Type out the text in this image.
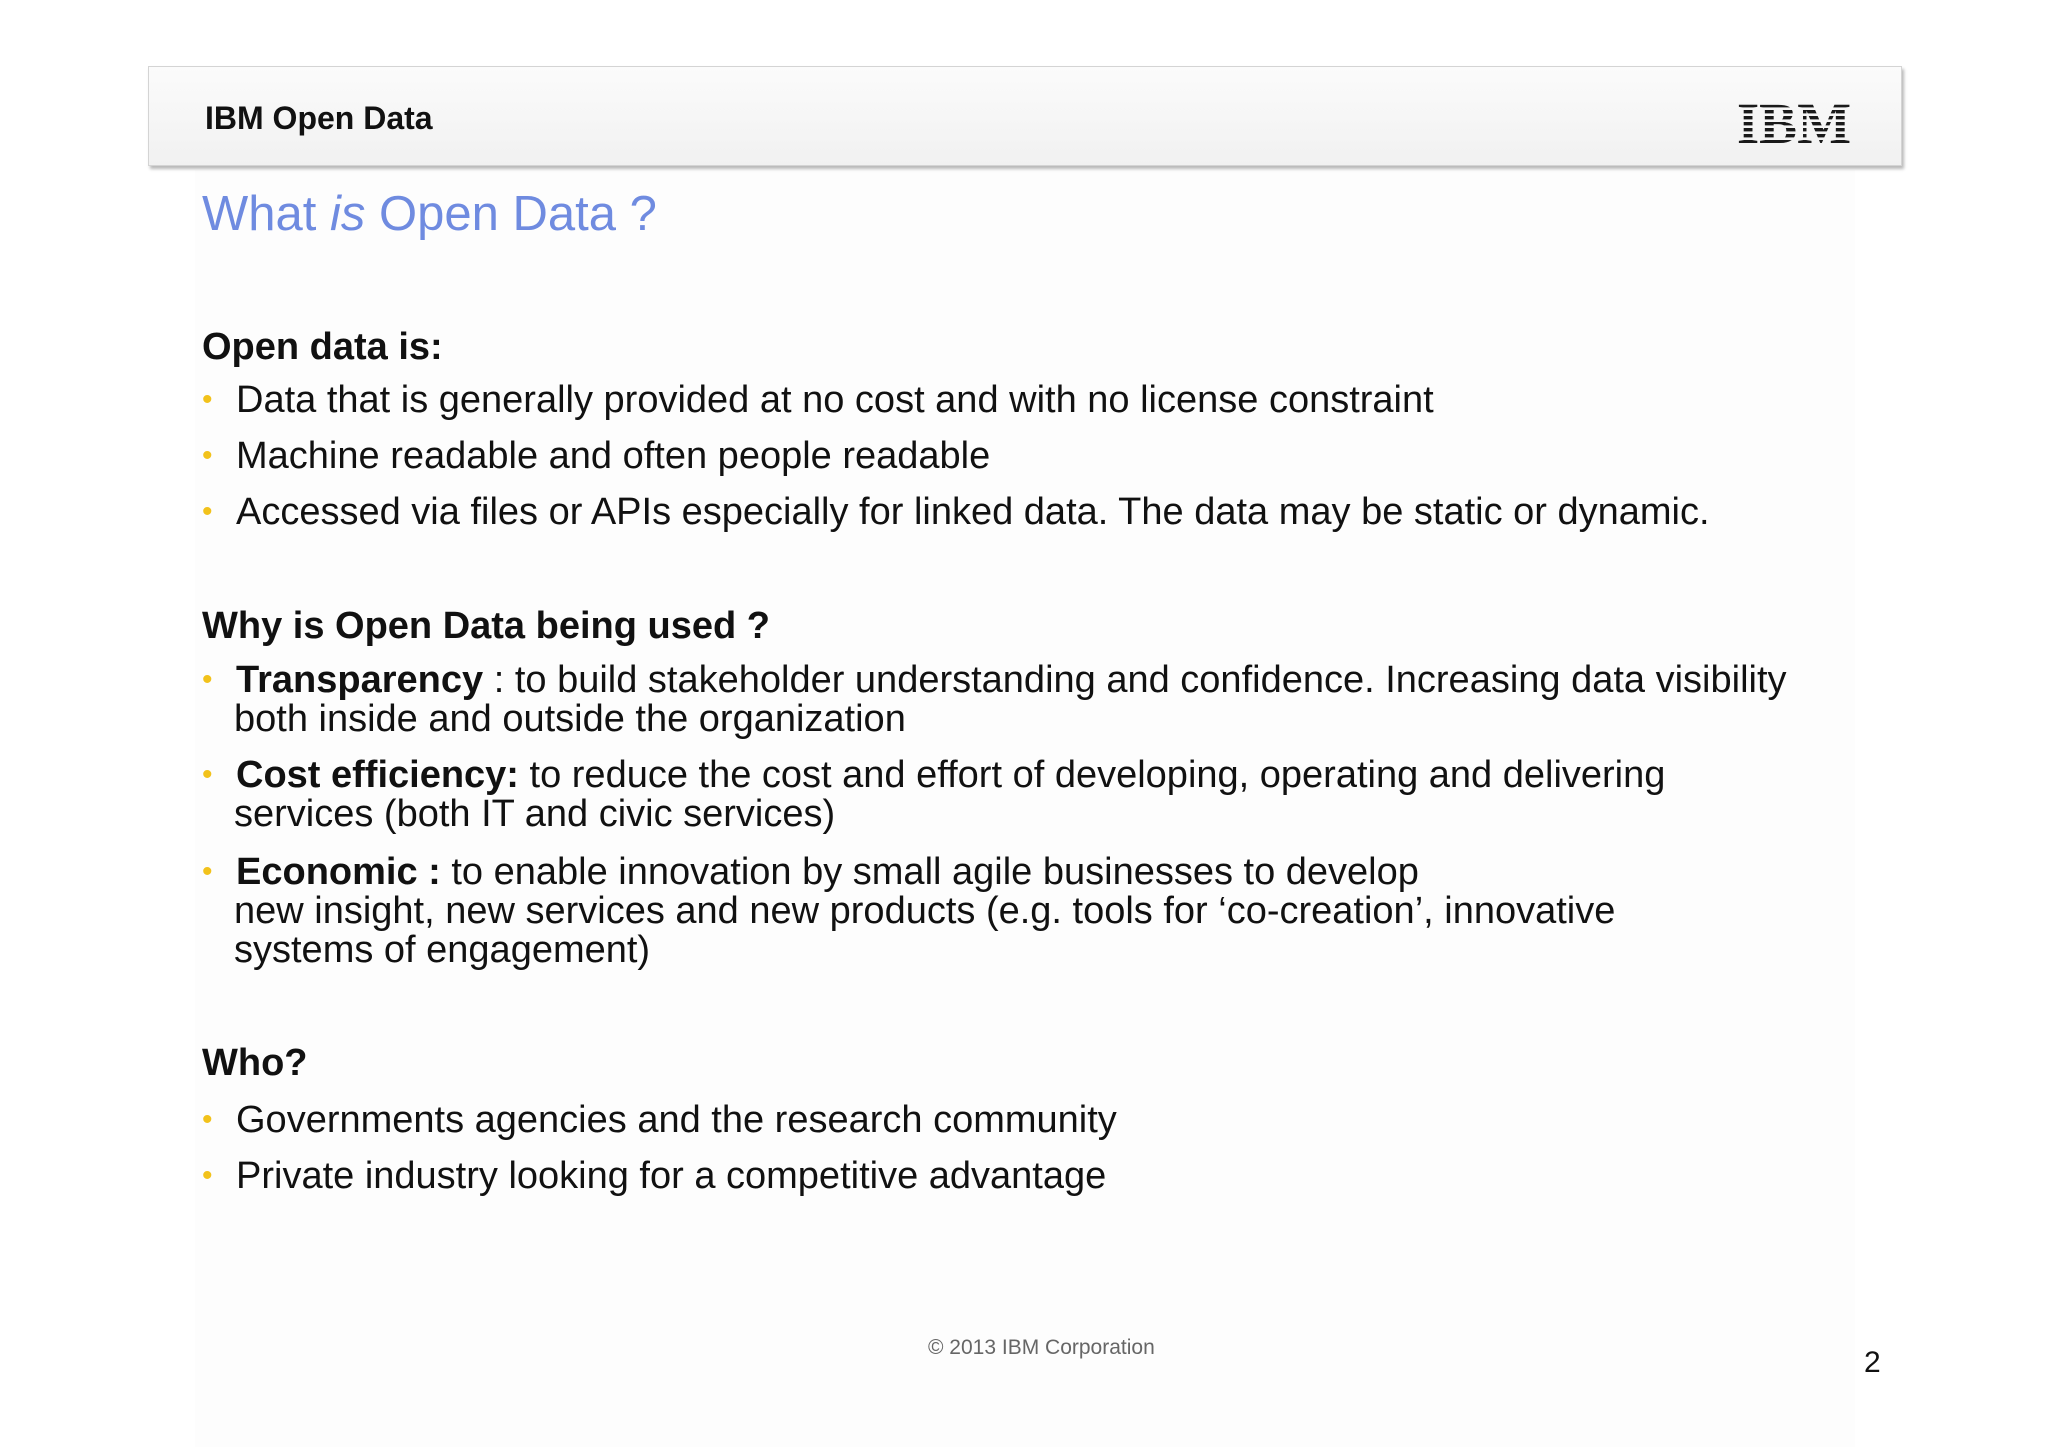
IBM Open Data
What is Open Data ?
Open data is:
• Data that is generally provided at no cost and with no license constraint
• Machine readable and often people readable
• Accessed via files or APIs especially for linked data. The data may be static or dynamic.
Why is Open Data being used ?
• Transparency : to build stakeholder understanding and confidence. Increasing data visibility
both inside and outside the organization
• Cost efficiency: to reduce the cost and effort of developing, operating and delivering
services (both IT and civic services)
• Economic : to enable innovation by small agile businesses to develop
new insight, new services and new products (e.g. tools for ‘co-creation’, innovative
systems of engagement)
Who?
• Governments agencies and the research community
• Private industry looking for a competitive advantage
© 2013 IBM Corporation	2
